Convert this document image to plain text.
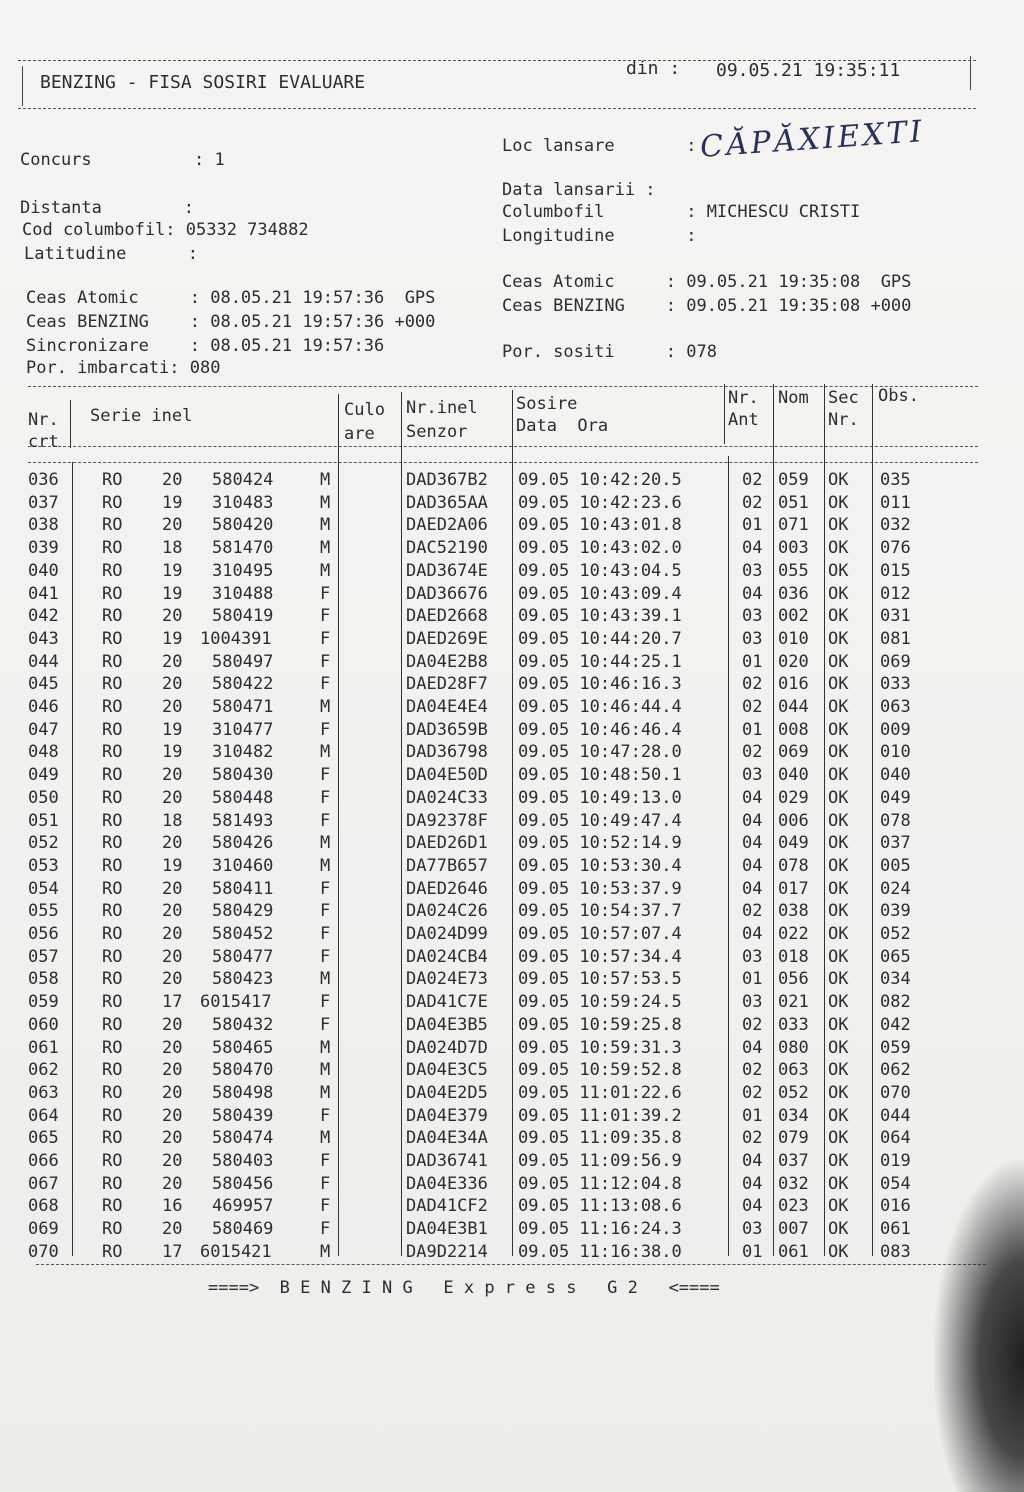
BENZING - FISA SOSIRI EVALUARE
din : 09.05.21 19:35:11
Concurs          : 1
Distanta        :
Cod columbofil: 05332 734882
Latitudine      :
Ceas Atomic     : 08.05.21 19:57:36  GPS
Ceas BENZING    : 08.05.21 19:57:36 +000
Sincronizare    : 08.05.21 19:57:36
Por. imbarcati: 080
Loc lansare       : CĂPĂXIEXTI
Data lansarii :
Columbofil        : MICHESCU CRISTI
Longitudine       :
Ceas Atomic     : 09.05.21 19:35:08  GPS
Ceas BENZING    : 09.05.21 19:35:08 +000
Por. sositi     : 078
Nr.
crt
Serie inel	Culo
are
Nr.inel
Senzor
Sosire
Data  Ora
Nr.
Ant
Nom Sec
Nr.
Obs.
036	RO 20 580424	M	DAD367B2 09.05 10:42:20.5	02 059 OK 035
037	RO 19 310483	M	DAD365AA 09.05 10:42:23.6	02 051 OK 011
038	RO 20 580420	M	DAED2A06 09.05 10:43:01.8	01 071 OK 032
039	RO 18 581470	M	DAC52190 09.05 10:43:02.0	04 003 OK 076
040	RO 19 310495	M	DAD3674E 09.05 10:43:04.5	03 055 OK 015
041	RO 19 310488	F	DAD36676 09.05 10:43:09.4	04 036 OK 012
042	RO 20 580419	F	DAED2668 09.05 10:43:39.1	03 002 OK 031
043	RO 19 1004391	F	DAED269E 09.05 10:44:20.7	03 010 OK 081
044	RO 20 580497	F	DA04E2B8 09.05 10:44:25.1	01 020 OK 069
045	RO 20 580422	F	DAED28F7 09.05 10:46:16.3	02 016 OK 033
046	RO 20 580471	M	DA04E4E4 09.05 10:46:44.4	02 044 OK 063
047	RO 19 310477	F	DAD3659B 09.05 10:46:46.4	01 008 OK 009
048	RO 19 310482	M	DAD36798 09.05 10:47:28.0	02 069 OK 010
049	RO 20 580430	F	DA04E50D 09.05 10:48:50.1	03 040 OK 040
050	RO 20 580448	F	DA024C33 09.05 10:49:13.0	04 029 OK 049
051	RO 18 581493	F	DA92378F 09.05 10:49:47.4	04 006 OK 078
052	RO 20 580426	M	DAED26D1 09.05 10:52:14.9	04 049 OK 037
053	RO 19 310460	M	DA77B657 09.05 10:53:30.4	04 078 OK 005
054	RO 20 580411	F	DAED2646 09.05 10:53:37.9	04 017 OK 024
055	RO 20 580429	F	DA024C26 09.05 10:54:37.7	02 038 OK 039
056	RO 20 580452	F	DA024D99 09.05 10:57:07.4	04 022 OK 052
057	RO 20 580477	F	DA024CB4 09.05 10:57:34.4	03 018 OK 065
058	RO 20 580423	M	DA024E73 09.05 10:57:53.5	01 056 OK 034
059	RO 17 6015417	F	DAD41C7E 09.05 10:59:24.5	03 021 OK 082
060	RO 20 580432	F	DA04E3B5 09.05 10:59:25.8	02 033 OK 042
061	RO 20 580465	M	DA024D7D 09.05 10:59:31.3	04 080 OK 059
062	RO 20 580470	M	DA04E3C5 09.05 10:59:52.8	02 063 OK 062
063	RO 20 580498	M	DA04E2D5 09.05 11:01:22.6	02 052 OK 070
064	RO 20 580439	F	DA04E379 09.05 11:01:39.2	01 034 OK 044
065	RO 20 580474	M	DA04E34A 09.05 11:09:35.8	02 079 OK 064
066	RO 20 580403	F	DAD36741 09.05 11:09:56.9	04 037 OK 019
067	RO 20 580456	F	DA04E336 09.05 11:12:04.8	04 032 OK 054
068	RO 16 469957	F	DAD41CF2 09.05 11:13:08.6	04 023 OK 016
069	RO 20 580469	F	DA04E3B1 09.05 11:16:24.3	03 007 OK 061
070	RO 17 6015421	M	DA9D2214 09.05 11:16:38.0	01 061 OK 083
====>  B E N Z I N G   E x p r e s s   G 2   <====
